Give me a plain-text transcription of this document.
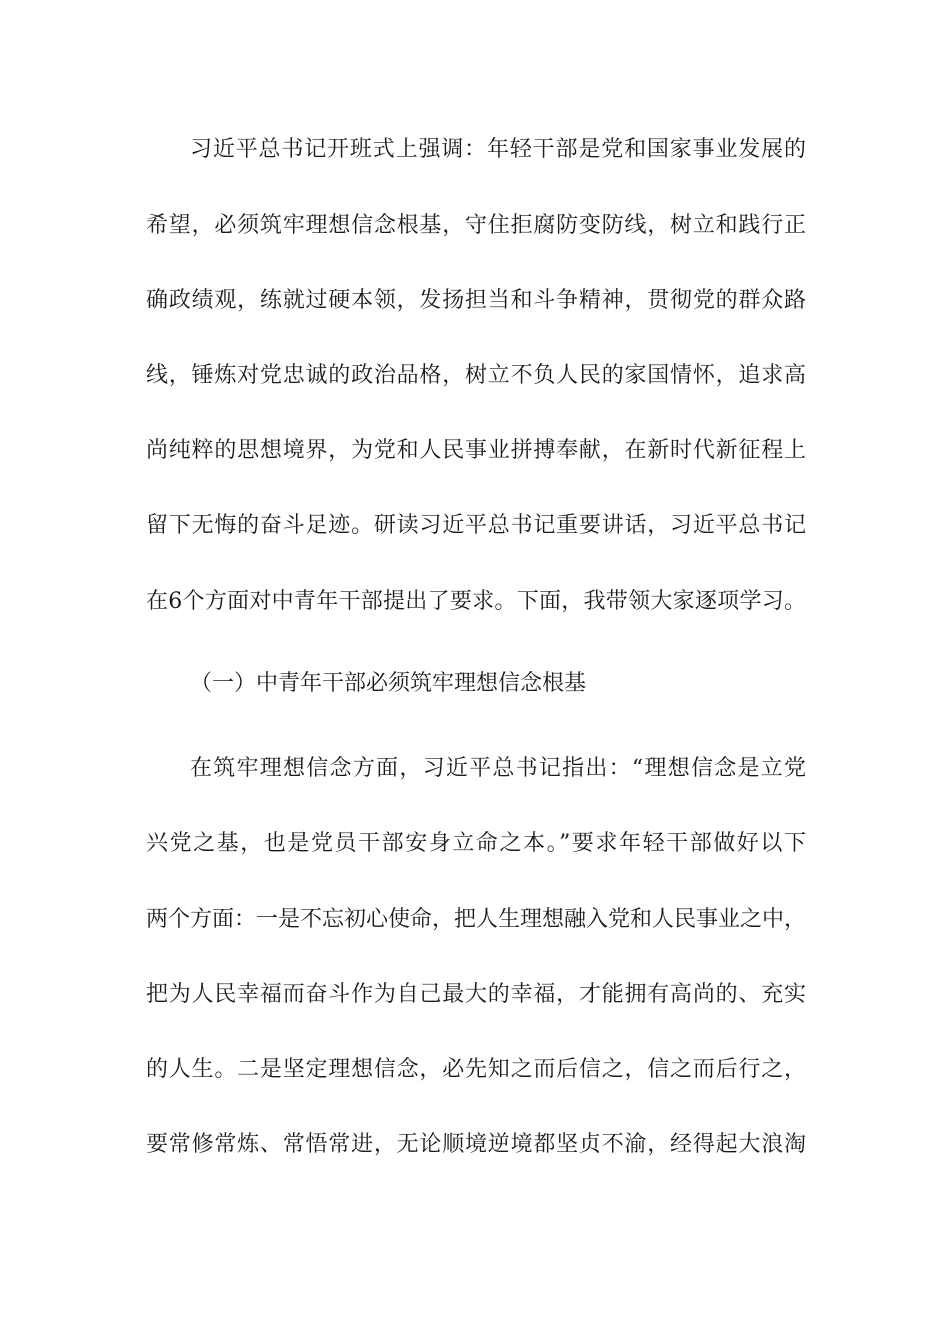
习近平总书记开班式上强调：年轻干部是党和国家事业发展的
希望，必须筑牢理想信念根基，守住拒腐防变防线，树立和践行正
确政绩观，练就过硬本领，发扬担当和斗争精神，贯彻党的群众路
线，锤炼对党忠诚的政治品格，树立不负人民的家国情怀，追求高
尚纯粹的思想境界，为党和人民事业拼搏奉献，在新时代新征程上
留下无悔的奋斗足迹。研读习近平总书记重要讲话，习近平总书记
在6个方面对中青年干部提出了要求。下面，我带领大家逐项学习。
（一）中青年干部必须筑牢理想信念根基
在筑牢理想信念方面，习近平总书记指出：“理想信念是立党
兴党之基，也是党员干部安身立命之本。”要求年轻干部做好以下
两个方面：一是不忘初心使命，把人生理想融入党和人民事业之中，
把为人民幸福而奋斗作为自己最大的幸福，才能拥有高尚的、充实
的人生。二是坚定理想信念，必先知之而后信之，信之而后行之，
要常修常炼、常悟常进，无论顺境逆境都坚贞不渝，经得起大浪淘
